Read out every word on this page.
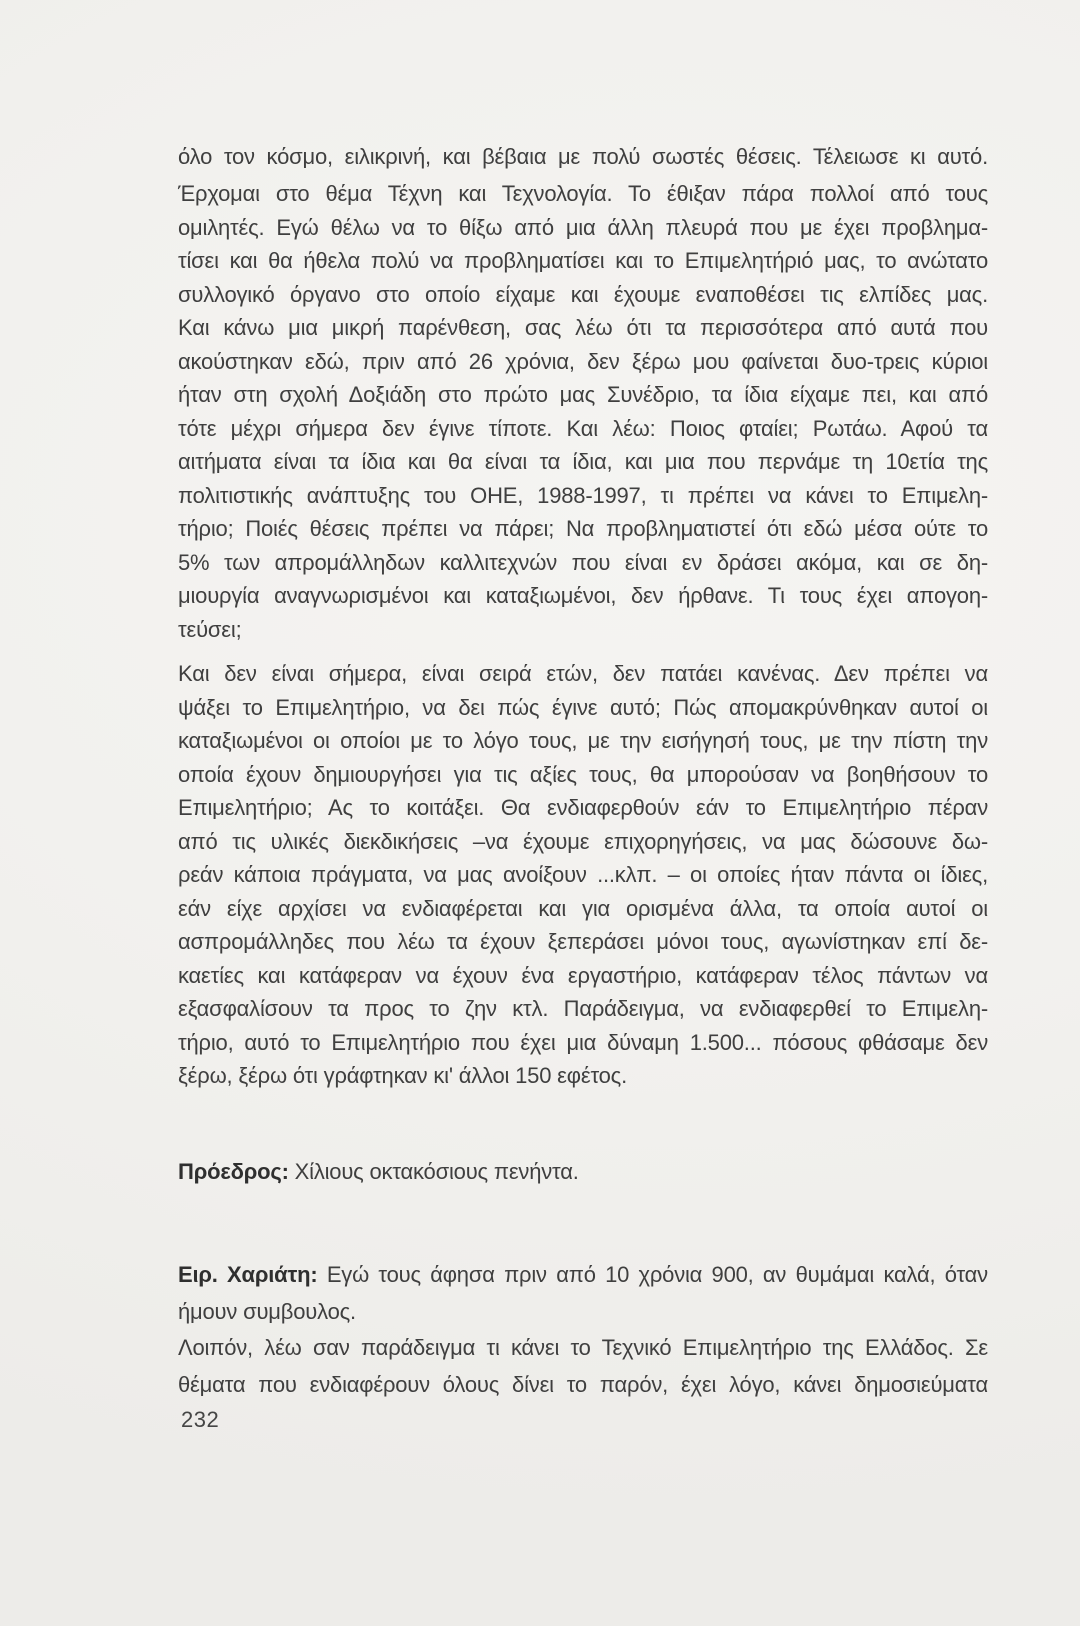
όλο τον κόσμο, ειλικρινή, και βέβαια με πολύ σωστές θέσεις. Τέλειωσε κι αυτό.
Έρχομαι στο θέμα Τέχνη και Τεχνολογία. Το έθιξαν πάρα πολλοί από τους
ομιλητές. Εγώ θέλω να το θίξω από μια άλλη πλευρά που με έχει προβλημα-
τίσει και θα ήθελα πολύ να προβληματίσει και το Επιμελητήριό μας, το ανώτατο
συλλογικό όργανο στο οποίο είχαμε και έχουμε εναποθέσει τις ελπίδες μας.
Και κάνω μια μικρή παρένθεση, σας λέω ότι τα περισσότερα από αυτά που
ακούστηκαν εδώ, πριν από 26 χρόνια, δεν ξέρω μου φαίνεται δυο-τρεις κύριοι
ήταν στη σχολή Δοξιάδη στο πρώτο μας Συνέδριο, τα ίδια είχαμε πει, και από
τότε μέχρι σήμερα δεν έγινε τίποτε. Και λέω: Ποιος φταίει; Ρωτάω. Αφού τα
αιτήματα είναι τα ίδια και θα είναι τα ίδια, και μια που περνάμε τη 10ετία της
πολιτιστικής ανάπτυξης του ΟΗΕ, 1988-1997, τι πρέπει να κάνει το Επιμελη-
τήριο; Ποιές θέσεις πρέπει να πάρει; Να προβληματιστεί ότι εδώ μέσα ούτε το
5% των απρομάλληδων καλλιτεχνών που είναι εν δράσει ακόμα, και σε δη-
μιουργία αναγνωρισμένοι και καταξιωμένοι, δεν ήρθανε. Τι τους έχει απογοη-
τεύσει;
Και δεν είναι σήμερα, είναι σειρά ετών, δεν πατάει κανένας. Δεν πρέπει να
ψάξει το Επιμελητήριο, να δει πώς έγινε αυτό; Πώς απομακρύνθηκαν αυτοί οι
καταξιωμένοι οι οποίοι με το λόγο τους, με την εισήγησή τους, με την πίστη την
οποία έχουν δημιουργήσει για τις αξίες τους, θα μπορούσαν να βοηθήσουν το
Επιμελητήριο; Ας το κοιτάξει. Θα ενδιαφερθούν εάν το Επιμελητήριο πέραν
από τις υλικές διεκδικήσεις –να έχουμε επιχορηγήσεις, να μας δώσουνε δω-
ρεάν κάποια πράγματα, να μας ανοίξουν ...κλπ. – οι οποίες ήταν πάντα οι ίδιες,
εάν είχε αρχίσει να ενδιαφέρεται και για ορισμένα άλλα, τα οποία αυτοί οι
ασπρομάλληδες που λέω τα έχουν ξεπεράσει μόνοι τους, αγωνίστηκαν επί δε-
καετίες και κατάφεραν να έχουν ένα εργαστήριο, κατάφεραν τέλος πάντων να
εξασφαλίσουν τα προς το ζην κτλ. Παράδειγμα, να ενδιαφερθεί το Επιμελη-
τήριο, αυτό το Επιμελητήριο που έχει μια δύναμη 1.500... πόσους φθάσαμε δεν
ξέρω, ξέρω ότι γράφτηκαν κι' άλλοι 150 εφέτος.
Πρόεδρος: Χίλιους οκτακόσιους πενήντα.
Ειρ. Χαριάτη: Εγώ τους άφησα πριν από 10 χρόνια 900, αν θυμάμαι καλά, όταν
ήμουν συμβουλος.
Λοιπόν, λέω σαν παράδειγμα τι κάνει το Τεχνικό Επιμελητήριο της Ελλάδος. Σε
θέματα που ενδιαφέρουν όλους δίνει το παρόν, έχει λόγο, κάνει δημοσιεύματα
232
